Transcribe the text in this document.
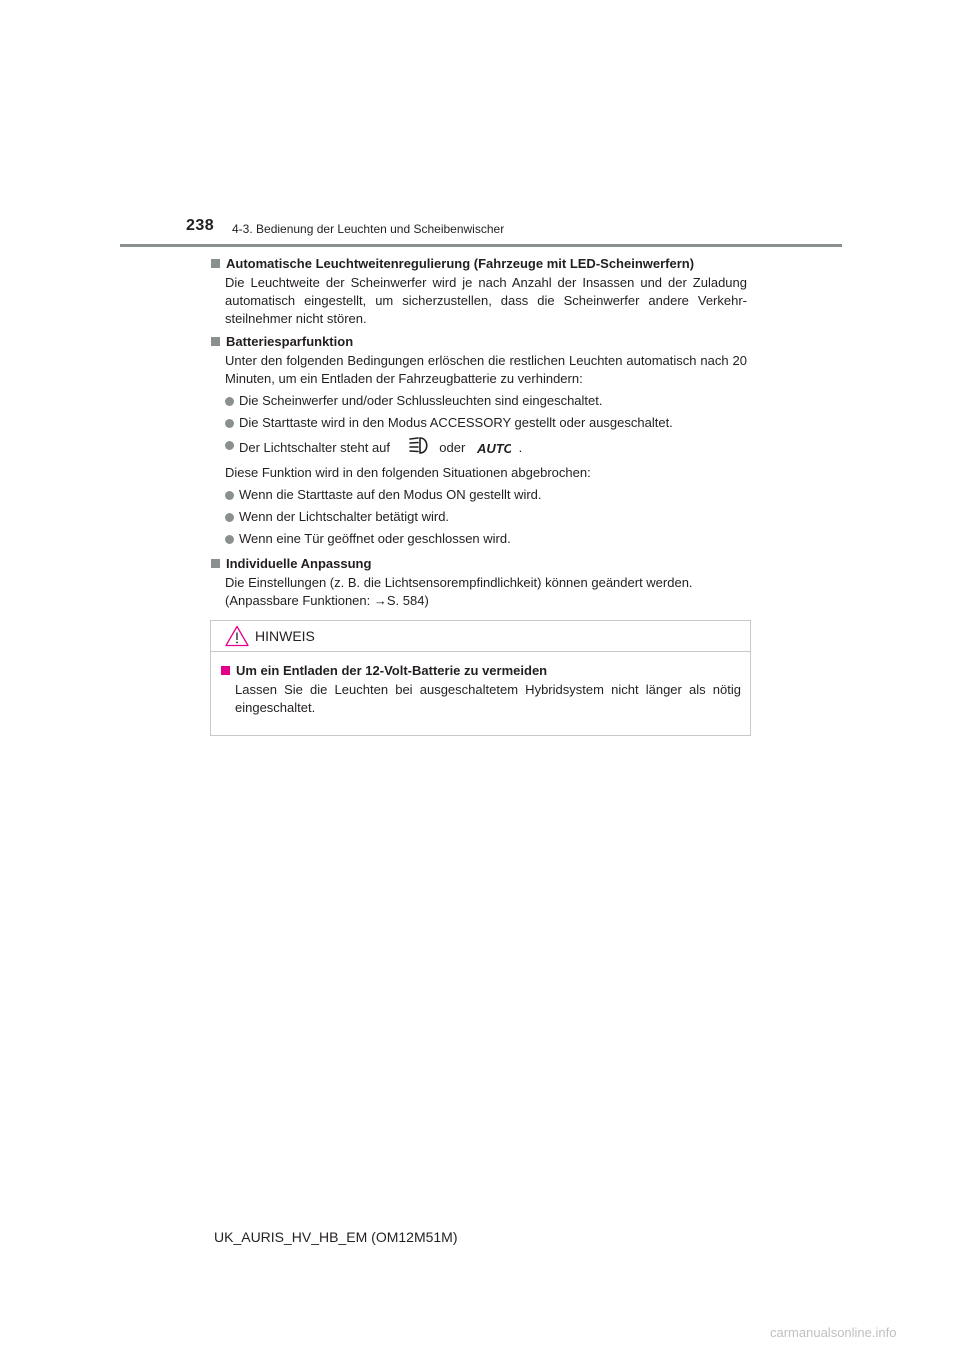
238 4-3. Bedienung der Leuchten und Scheibenwischer
Automatische Leuchtweitenregulierung (Fahrzeuge mit LED-Scheinwerfern)
Die Leuchtweite der Scheinwerfer wird je nach Anzahl der Insassen und der Zuladung automatisch eingestellt, um sicherzustellen, dass die Scheinwerfer andere Verkehr- steilnehmer nicht stören.
Batteriesparfunktion
Unter den folgenden Bedingungen erlöschen die restlichen Leuchten automatisch nach 20 Minuten, um ein Entladen der Fahrzeugbatterie zu verhindern:
Die Scheinwerfer und/oder Schlussleuchten sind eingeschaltet.
Die Starttaste wird in den Modus ACCESSORY gestellt oder ausgeschaltet.
Der Lichtschalter steht auf	oder AUTO .
Diese Funktion wird in den folgenden Situationen abgebrochen:
Wenn die Starttaste auf den Modus ON gestellt wird.
Wenn der Lichtschalter betätigt wird.
Wenn eine Tür geöffnet oder geschlossen wird.
Individuelle Anpassung
Die Einstellungen (z. B. die Lichtsensorempfindlichkeit) können geändert werden.
(Anpassbare Funktionen: →S. 584)
HINWEIS
Um ein Entladen der 12-Volt-Batterie zu vermeiden
Lassen Sie die Leuchten bei ausgeschaltetem Hybridsystem nicht länger als nötig eingeschaltet.
UK_AURIS_HV_HB_EM (OM12M51M)
carmanualsonline.info
